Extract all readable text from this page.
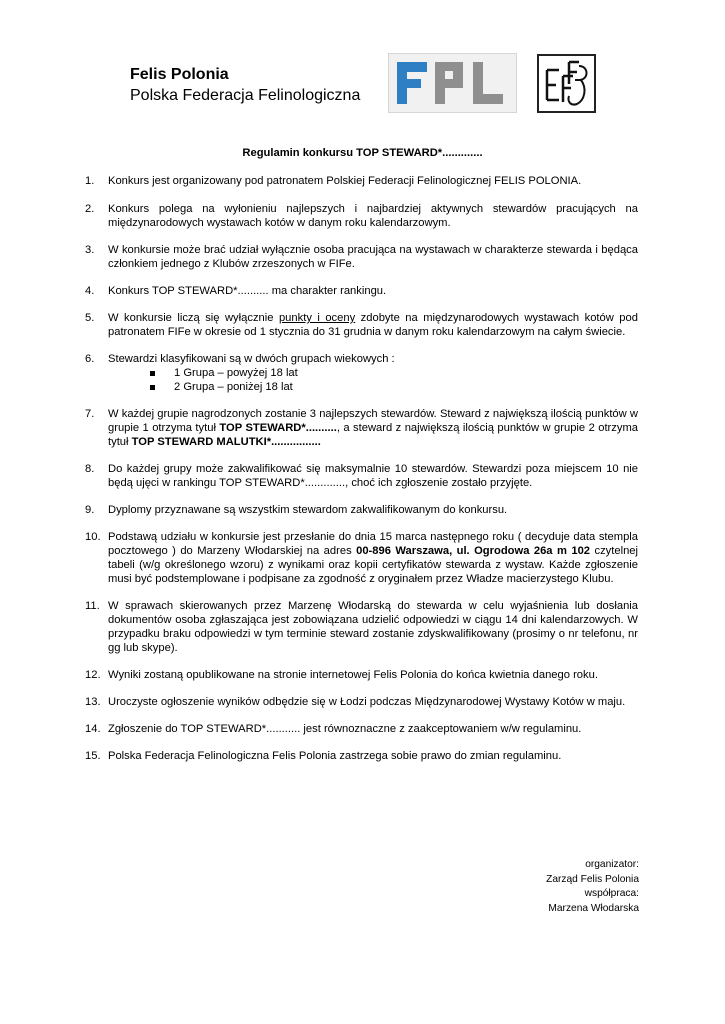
Felis Polonia
Polska Federacja Felinologiczna
Regulamin konkursu TOP STEWARD*.............
1. Konkurs jest organizowany pod patronatem Polskiej Federacji Felinologicznej FELIS POLONIA.
2. Konkurs polega na wyłonieniu najlepszych i najbardziej aktywnych stewardów pracujących na międzynarodowych wystawach kotów w danym roku kalendarzowym.
3. W konkursie może brać udział wyłącznie osoba pracująca na wystawach w charakterze stewarda i będąca członkiem jednego z Klubów zrzeszonych w FIFe.
4. Konkurs TOP STEWARD*.......... ma charakter rankingu.
5. W konkursie liczą się wyłącznie punkty i oceny zdobyte na międzynarodowych wystawach kotów pod patronatem FIFe w okresie od 1 stycznia do 31 grudnia w danym roku kalendarzowym na całym świecie.
6. Stewardzi klasyfikowani są w dwóch grupach wiekowych :
1 Grupa – powyżej 18 lat
2 Grupa – poniżej 18 lat
7. W każdej grupie nagrodzonych zostanie 3 najlepszych stewardów. Steward z największą ilością punktów w grupie 1 otrzyma tytuł TOP STEWARD*.........., a steward z największą ilością punktów w grupie 2 otrzyma tytuł TOP STEWARD MALUTKI*................
8. Do każdej grupy może zakwalifikować się maksymalnie 10 stewardów. Stewardzi poza miejscem 10 nie będą ujęci w rankingu TOP STEWARD*............., choć ich zgłoszenie zostało przyjęte.
9. Dyplomy przyznawane są wszystkim stewardom zakwalifikowanym do konkursu.
10. Podstawą udziału w konkursie jest przesłanie do dnia 15 marca następnego roku ( decyduje data stempla pocztowego ) do Marzeny Włodarskiej na adres 00-896 Warszawa, ul. Ogrodowa 26a m 102 czytelnej tabeli (w/g określonego wzoru) z wynikami oraz kopii certyfikatów stewarda z wystaw. Każde zgłoszenie musi być podstemplowane i podpisane za zgodność z oryginałem przez Władze macierzystego Klubu.
11. W sprawach skierowanych przez Marzenę Włodarską do stewarda w celu wyjaśnienia lub dosłania dokumentów osoba zgłaszająca jest zobowiązana udzielić odpowiedzi w ciągu 14 dni kalendarzowych. W przypadku braku odpowiedzi w tym terminie steward zostanie zdyskwalifikowany (prosimy o nr telefonu, nr gg lub skype).
12. Wyniki zostaną opublikowane na stronie internetowej Felis Polonia do końca kwietnia danego roku.
13. Uroczyste ogłoszenie wyników odbędzie się w Łodzi podczas Międzynarodowej Wystawy Kotów w maju.
14. Zgłoszenie do TOP STEWARD*........... jest równoznaczne z zaakceptowaniem w/w regulaminu.
15. Polska Federacja Felinologiczna Felis Polonia zastrzega sobie prawo do zmian regulaminu.
organizator:
Zarząd Felis Polonia
współpraca:
Marzena Włodarska
